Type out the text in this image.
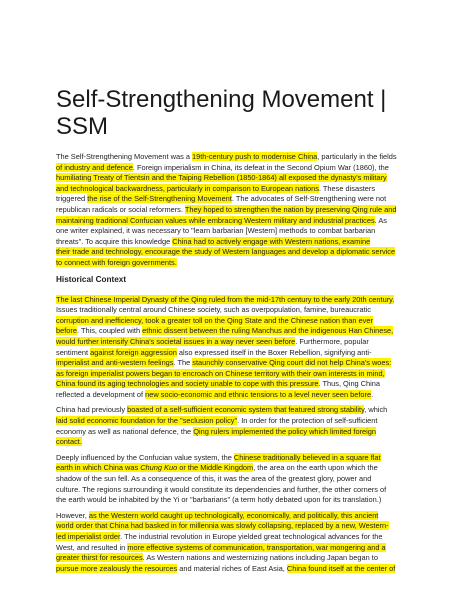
Self-Strengthening Movement |
SSM
The Self-Strengthening Movement was a 19th-century push to modernise China, particularly in the fields
of industry and defence. Foreign imperialism in China, its defeat in the Second Opium War (1860), the
humiliating Treaty of Tientsin and the Taiping Rebellion (1850-1864) all exposed the dynasty's military
and technological backwardness, particularly in comparison to European nations. These disasters
triggered the rise of the Self-Strengthening Movement. The advocates of Self-Strengthening were not
republican radicals or social reformers. They hoped to strengthen the nation by preserving Qing rule and
maintaining traditional Confucian values while embracing Western military and industrial practices. As
one writer explained, it was necessary to "learn barbarian [Western] methods to combat barbarian
threats". To acquire this knowledge China had to actively engage with Western nations, examine
their trade and technology, encourage the study of Western languages and develop a diplomatic service
to connect with foreign governments.
Historical Context
The last Chinese Imperial Dynasty of the Qing ruled from the mid-17th century to the early 20th century.
Issues traditionally central around Chinese society, such as overpopulation, famine, bureaucratic
corruption and inefficiency, took a greater toll on the Qing State and the Chinese nation than ever
before. This, coupled with ethnic dissent between the ruling Manchus and the indigenous Han Chinese,
would further intensify China's societal issues in a way never seen before. Furthermore, popular
sentiment against foreign aggression also expressed itself in the Boxer Rebellion, signifying anti-
imperialist and anti-western feelings. The staunchly conservative Qing court did not help China's woes:
as foreign imperialist powers began to encroach on Chinese territory with their own interests in mind,
China found its aging technologies and society unable to cope with this pressure. Thus, Qing China
reflected a development of new socio-economic and ethnic tensions to a level never seen before.
China had previously boasted of a self-sufficient economic system that featured strong stability, which
laid solid economic foundation for the "seclusion policy". In order for the protection of self-sufficient
economy as well as national defence, the Qing rulers implemented the policy which limited foreign
contact.
Deeply influenced by the Confucian value system, the Chinese traditionally believed in a square flat
earth in which China was Chung Kuo or the Middle Kingdom, the area on the earth upon which the
shadow of the sun fell. As a consequence of this, it was the area of the greatest glory, power and
culture. The regions surrounding it would constitute its dependencies and further, the other corners of
the earth would be inhabited by the Yi or "barbarians" (a term hotly debated upon for its translation.)
However, as the Western world caught up technologically, economically, and politically, this ancient
world order that China had basked in for millennia was slowly collapsing, replaced by a new, Western-
led imperialist order. The industrial revolution in Europe yielded great technological advances for the
West, and resulted in more effective systems of communication, transportation, war mongering and a
greater thirst for resources. As Western nations and westernizing nations including Japan began to
pursue more zealously the resources and material riches of East Asia, China found itself at the center of
